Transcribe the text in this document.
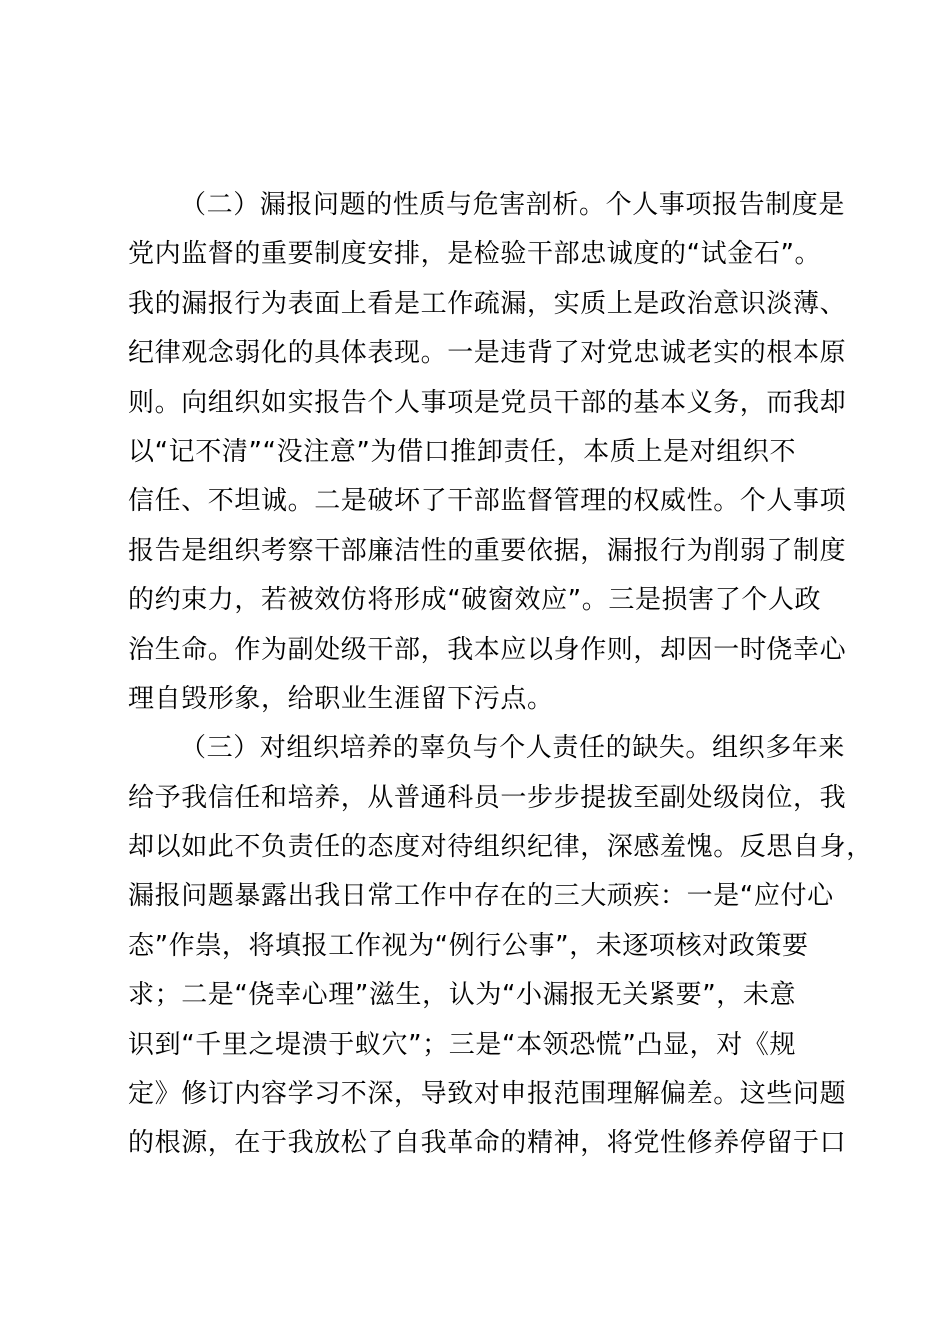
（二）漏报问题的性质与危害剖析。个人事项报告制度是
党内监督的重要制度安排，是检验干部忠诚度的“试金石”。
我的漏报行为表面上看是工作疏漏，实质上是政治意识淡薄、
纪律观念弱化的具体表现。一是违背了对党忠诚老实的根本原
则。向组织如实报告个人事项是党员干部的基本义务，而我却
以“记不清”“没注意”为借口推卸责任，本质上是对组织不
信任、不坦诚。二是破坏了干部监督管理的权威性。个人事项
报告是组织考察干部廉洁性的重要依据，漏报行为削弱了制度
的约束力，若被效仿将形成“破窗效应”。三是损害了个人政
治生命。作为副处级干部，我本应以身作则，却因一时侥幸心
理自毁形象，给职业生涯留下污点。

（三）对组织培养的辜负与个人责任的缺失。组织多年来
给予我信任和培养，从普通科员一步步提拔至副处级岗位，我
却以如此不负责任的态度对待组织纪律，深感羞愧。反思自身，
漏报问题暴露出我日常工作中存在的三大顽疾：一是“应付心
态”作祟，将填报工作视为“例行公事”，未逐项核对政策要
求；二是“侥幸心理”滋生，认为“小漏报无关紧要”，未意
识到“千里之堤溃于蚁穴”；三是“本领恐慌”凸显，对《规
定》修订内容学习不深，导致对申报范围理解偏差。这些问题
的根源，在于我放松了自我革命的精神，将党性修养停留于口
